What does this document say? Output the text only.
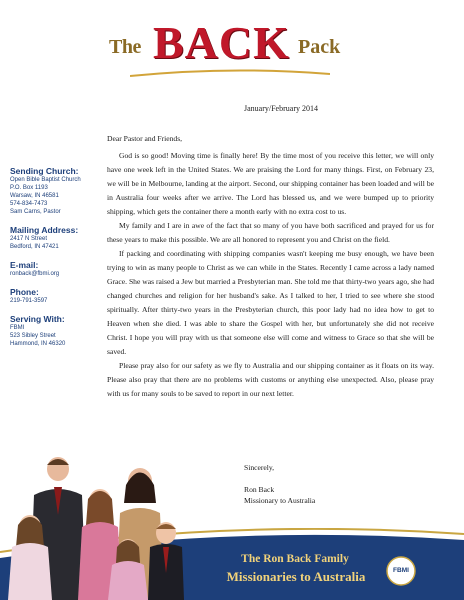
The BACK Pack
January/February 2014
Sending Church:
Open Bible Baptist Church
P.O. Box 1193
Warsaw, IN 46581
574-834-7473
Sam Carns, Pastor
Mailing Address:
2417 N Street
Bedford, IN 47421
E-mail:
ronback@fbmi.org
Phone:
219-791-3597
Serving With:
FBMI
523 Sibley Street
Hammond, IN 46320

Dear Pastor and Friends,

God is so good! Moving time is finally here! By the time most of you receive this letter, we will only have one week left in the United States. We are praising the Lord for many things. First, on February 23, we will be in Melbourne, landing at the airport. Second, our shipping container has been loaded and will be in Australia four weeks after we arrive. The Lord has blessed us, and we were bumped up to priority shipping, which gets the container there a month early with no extra cost to us.

My family and I are in awe of the fact that so many of you have both sacrificed and prayed for us for these years to make this possible. We are all honored to represent you and Christ on the field.

If packing and coordinating with shipping companies wasn't keeping me busy enough, we have been trying to win as many people to Christ as we can while in the States. Recently I came across a lady named Grace. She was raised a Jew but married a Presbyterian man. She told me that thirty-two years ago, she had changed churches and religion for her husband's sake. As I talked to her, I tried to see where she stood spiritually. After thirty-two years in the Presbyterian church, this poor lady had no idea how to get to Heaven when she died. I was able to share the Gospel with her, but unfortunately she did not receive Christ. I hope you will pray with us that someone else will come and witness to Grace so that she will be saved.

Please pray also for our safety as we fly to Australia and our shipping container as it floats on its way. Please also pray that there are no problems with customs or anything else unexpected. Also, please pray with us for many souls to be saved to report in our next letter.

Sincerely,
Ron Back
Missionary to Australia
The Ron Back Family
Missionaries to Australia	FBMI
